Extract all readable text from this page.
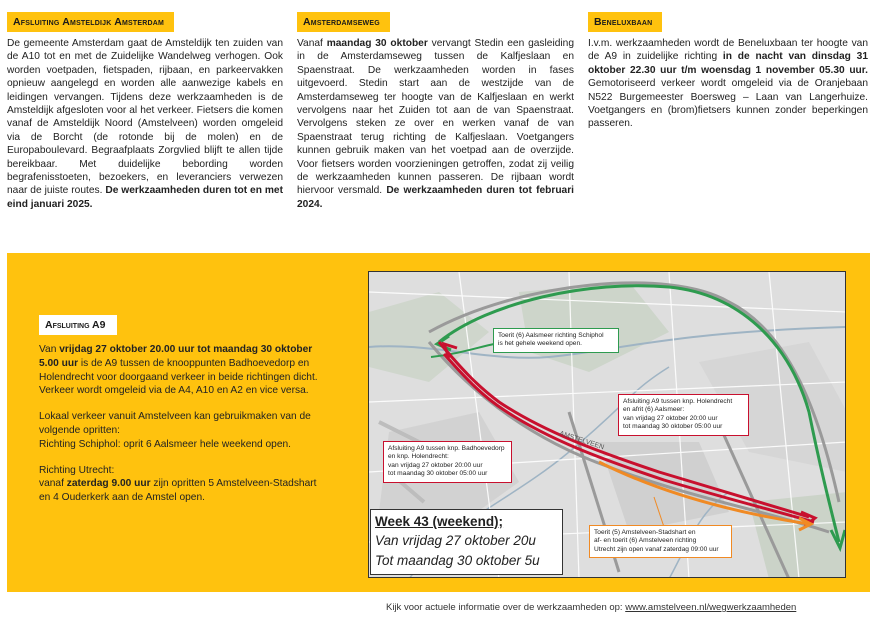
Afsluiting Amsteldijk Amsterdam

De gemeente Amsterdam gaat de Amsteldijk ten zuiden van de A10 tot en met de Zuidelijke Wandelweg verhogen. Ook worden voetpaden, fietspaden, rijbaan, en parkeervakken opnieuw aangelegd en worden alle aanwezige kabels en leidingen vervangen. Tijdens deze werkzaamheden is de Amsteldijk afgesloten voor al het verkeer. Fietsers die komen vanaf de Amsteldijk Noord (Amstelveen) worden omgeleid via de Borcht (de rotonde bij de molen) en de Europaboulevard. Begraafplaats Zorgvlied blijft te allen tijde bereikbaar. Met duidelijke bebording worden begrafenisstoeten, bezoekers, en leveranciers verwezen naar de juiste routes. De werkzaamheden duren tot en met eind januari 2025.

Amsterdamseweg

Vanaf maandag 30 oktober vervangt Stedin een gasleiding in de Amsterdamseweg tussen de Kalfjeslaan en Spaenstraat. De werkzaamheden worden in fases uitgevoerd. Stedin start aan de westzijde van de Amsterdamseweg ter hoogte van de Kalfjeslaan en werkt vervolgens naar het Zuiden tot aan de van Spaenstraat. Vervolgens steken ze over en werken vanaf de van Spaenstraat terug richting de Kalfjeslaan. Voetgangers kunnen gebruik maken van het voetpad aan de overzijde. Voor fietsers worden voorzieningen getroffen, zodat zij veilig de werkzaamheden kunnen passeren. De rijbaan wordt hiervoor versmald. De werkzaamheden duren tot februari 2024.

Beneluxbaan

I.v.m. werkzaamheden wordt de Beneluxbaan ter hoogte van de A9 in zuidelijke richting in de nacht van dinsdag 31 oktober 22.30 uur t/m woensdag 1 november 05.30 uur. Gemotoriseerd verkeer wordt omgeleid via de Oranjebaan N522 Burgemeester Boersweg – Laan van Langerhuize. Voetgangers en (brom)fietsers kunnen zonder beperkingen passeren.

Afsluiting A9

Van vrijdag 27 oktober 20.00 uur tot maandag 30 oktober 5.00 uur is de A9 tussen de knooppunten Badhoevedorp en Holendrecht voor doorgaand verkeer in beide richtingen dicht. Verkeer wordt omgeleid via de A4, A10 en A2 en vice versa.

Lokaal verkeer vanuit Amstelveen kan gebruikmaken van de volgende opritten:
Richting Schiphol: oprit 6 Aalsmeer hele weekend open.

Richting Utrecht:
vanaf zaterdag 9.00 uur zijn opritten 5 Amstelveen-Stadshart en 4 Ouderkerk aan de Amstel open.

AMSTELVEEN
Toerit (6) Aalsmeer richting Schiphol
is het gehele weekend open.
Afsluiting A9 tussen knp. Badhoevedorp
en knp. Holendrecht:
van vrijdag 27 oktober 20:00 uur
tot maandag 30 oktober 05:00 uur
Afsluiting A9 tussen knp. Holendrecht
en afrit (6) Aalsmeer:
van vrijdag 27 oktober 20:00 uur
tot maandag 30 oktober 05:00 uur
Toerit (5) Amstelveen-Stadshart en
af- en toerit (6) Amstelveen richting
Utrecht zijn open vanaf zaterdag 09:00 uur
Week 43 (weekend);
Van vrijdag 27 oktober 20u
Tot maandag 30 oktober 5u
Kijk voor actuele informatie over de werkzaamheden op: www.amstelveen.nl/wegwerkzaamheden
